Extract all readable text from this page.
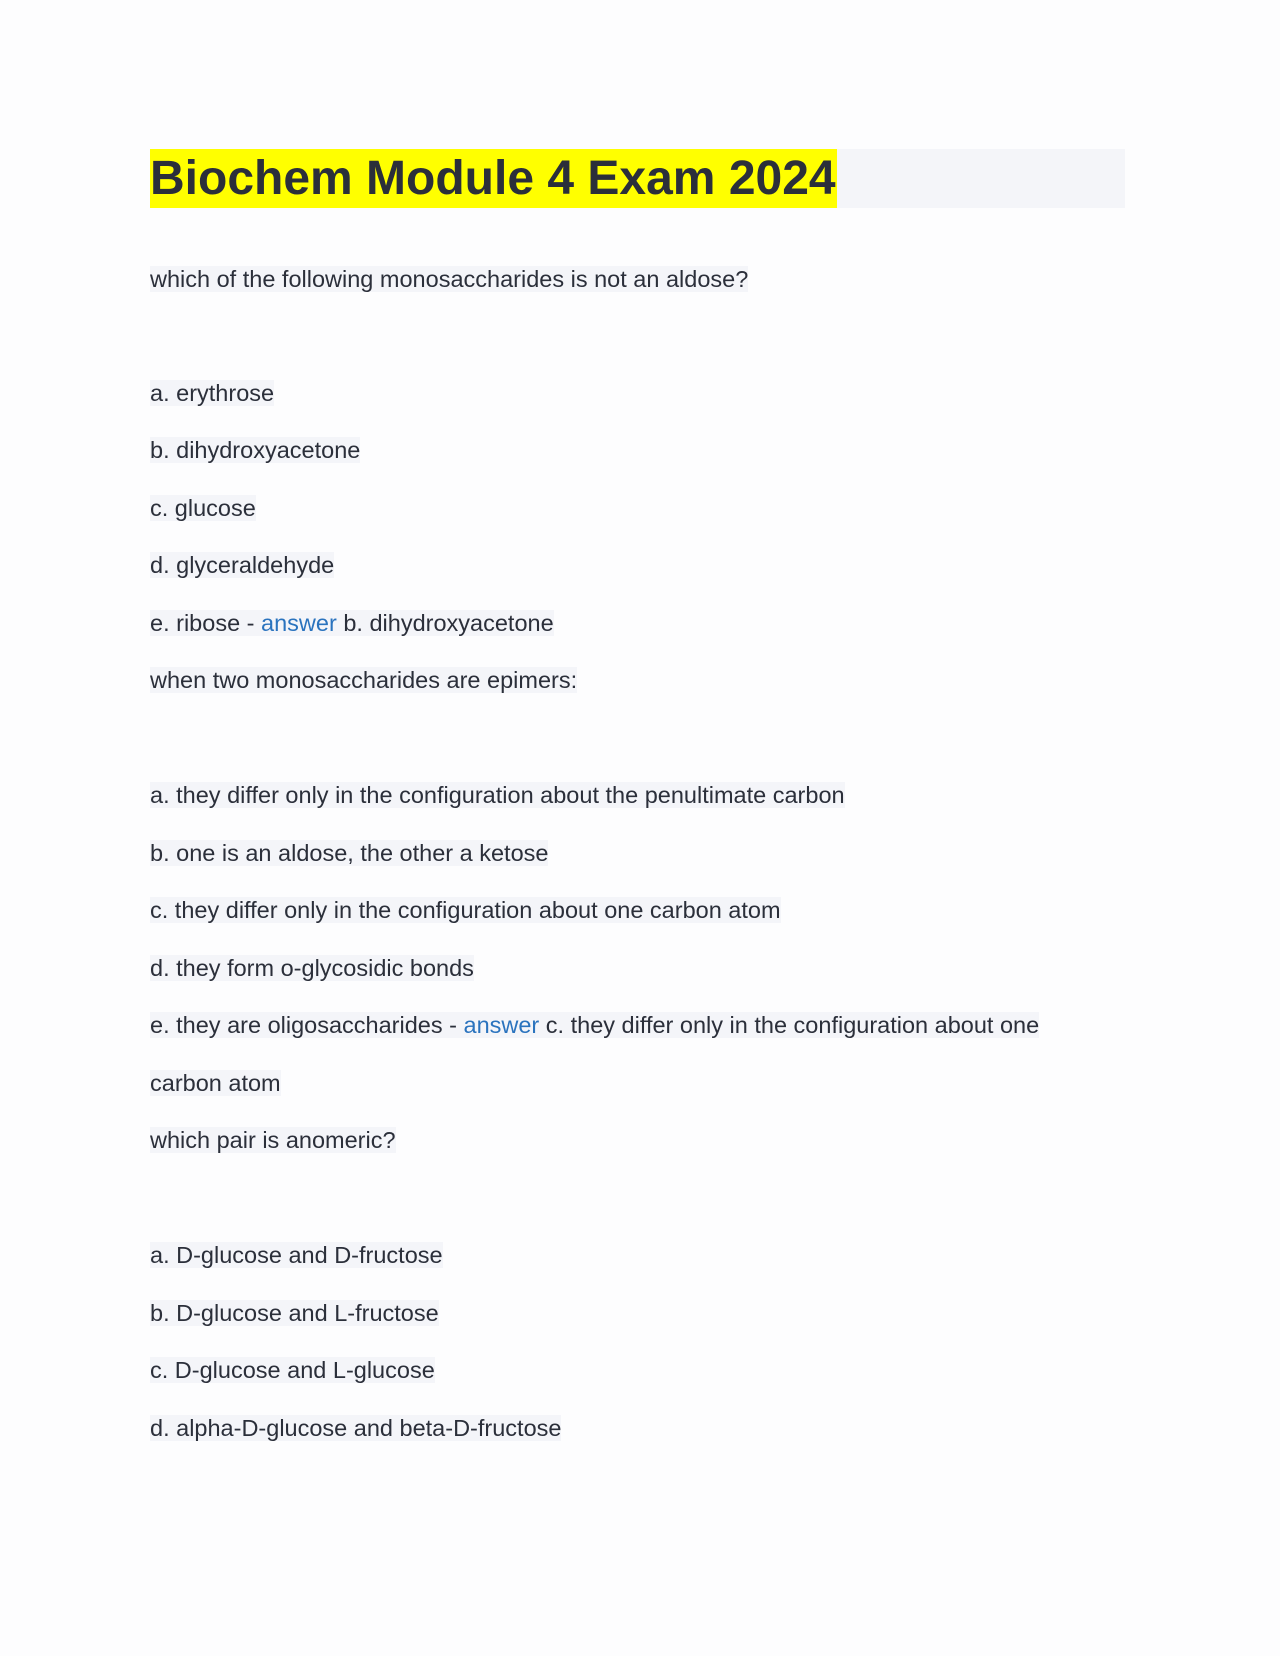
Biochem Module 4 Exam 2024
which of the following monosaccharides is not an aldose?
a. erythrose
b. dihydroxyacetone
c. glucose
d. glyceraldehyde
e. ribose - answer b. dihydroxyacetone
when two monosaccharides are epimers:
a. they differ only in the configuration about the penultimate carbon
b. one is an aldose, the other a ketose
c. they differ only in the configuration about one carbon atom
d. they form o-glycosidic bonds
e. they are oligosaccharides - answer c. they differ only in the configuration about one
carbon atom
which pair is anomeric?
a. D-glucose and D-fructose
b. D-glucose and L-fructose
c. D-glucose and L-glucose
d. alpha-D-glucose and beta-D-fructose
